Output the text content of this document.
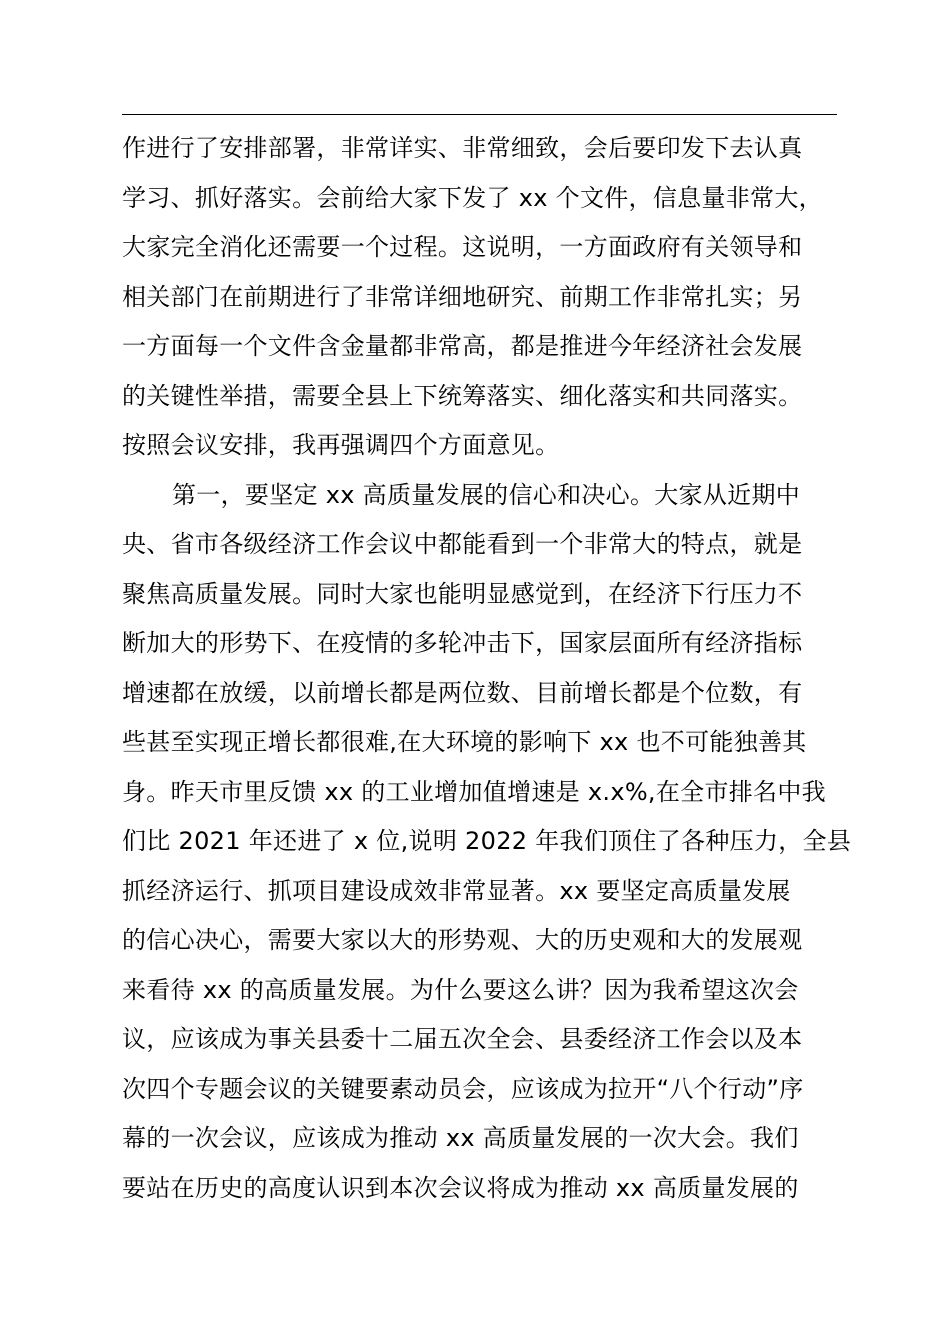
作进行了安排部署，非常详实、非常细致，会后要印发下去认真
学习、抓好落实。会前给大家下发了 xx 个文件，信息量非常大，
大家完全消化还需要一个过程。这说明，一方面政府有关领导和
相关部门在前期进行了非常详细地研究、前期工作非常扎实；另
一方面每一个文件含金量都非常高，都是推进今年经济社会发展
的关键性举措，需要全县上下统筹落实、细化落实和共同落实。
按照会议安排，我再强调四个方面意见。
第一，要坚定 xx 高质量发展的信心和决心。大家从近期中
央、省市各级经济工作会议中都能看到一个非常大的特点，就是
聚焦高质量发展。同时大家也能明显感觉到，在经济下行压力不
断加大的形势下、在疫情的多轮冲击下，国家层面所有经济指标
增速都在放缓，以前增长都是两位数、目前增长都是个位数，有
些甚至实现正增长都很难,在大环境的影响下 xx 也不可能独善其
身。昨天市里反馈 xx 的工业增加值增速是 x.x%,在全市排名中我
们比 2021 年还进了 x 位,说明 2022 年我们顶住了各种压力，全县
抓经济运行、抓项目建设成效非常显著。xx 要坚定高质量发展
的信心决心，需要大家以大的形势观、大的历史观和大的发展观
来看待 xx 的高质量发展。为什么要这么讲？因为我希望这次会
议，应该成为事关县委十二届五次全会、县委经济工作会以及本
次四个专题会议的关键要素动员会，应该成为拉开“八个行动”序
幕的一次会议，应该成为推动 xx 高质量发展的一次大会。我们
要站在历史的高度认识到本次会议将成为推动 xx 高质量发展的
